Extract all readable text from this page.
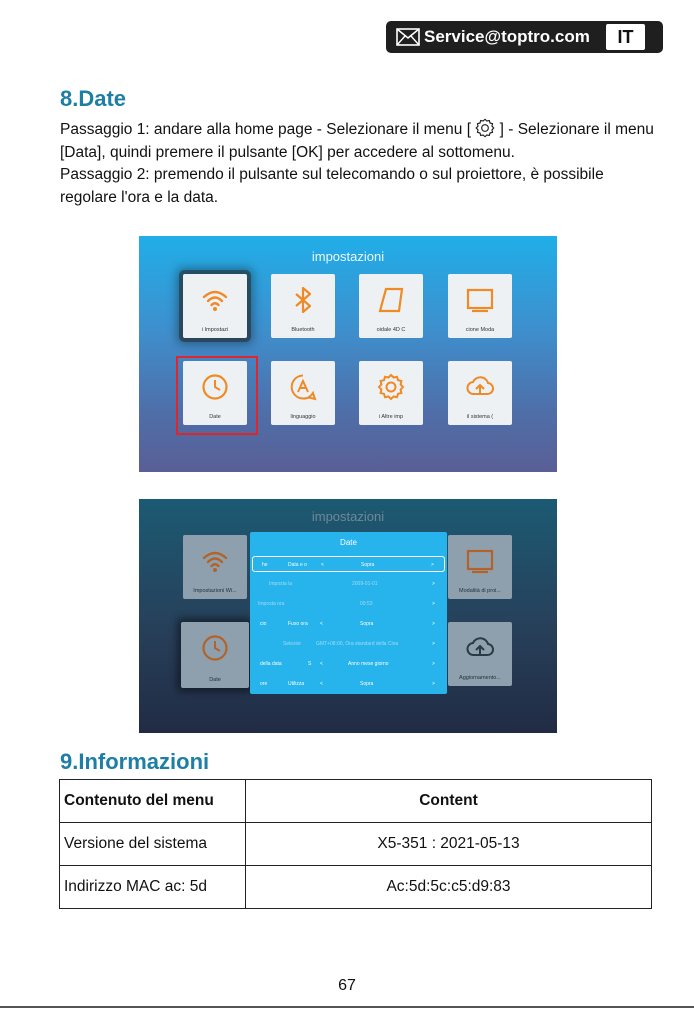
Service@toptro.com	IT
8.Date

Passaggio 1: andare alla home page - Selezionare il menu [ ] - Selezionare il menu [Data], quindi premere il pulsante [OK] per accedere al sottomenu.

Passaggio 2: premendo il pulsante sul telecomando o sul proiettore, è possibile regolare l'ora e la data.

impostazioni
i Impostazi	Bluetooth	oidale 4D C	cione Moda
Date	linguaggio	i Altre imp	il sistema (
impostazioni
Impostazioni Wi...
Date
Modalità di proi...
Aggiornamento...
Date
he	Data e o	<	Sopra	>
Imposta la	2009-01-01	>
Imposta ora	00:53	>
cio	Fuso ora <	Sopra	>
Selezior	GMT+08:00, Ora standard della Cina	>
della data	S <	Anno mese giorno	>
ore	Utilizza	<	Sopra	>
9.Informazioni
Contenuto del menu	Content
Versione del sistema	X5-351 : 2021-05-13
Indirizzo MAC ac: 5d	Ac:5d:5c:c5:d9:83
67
